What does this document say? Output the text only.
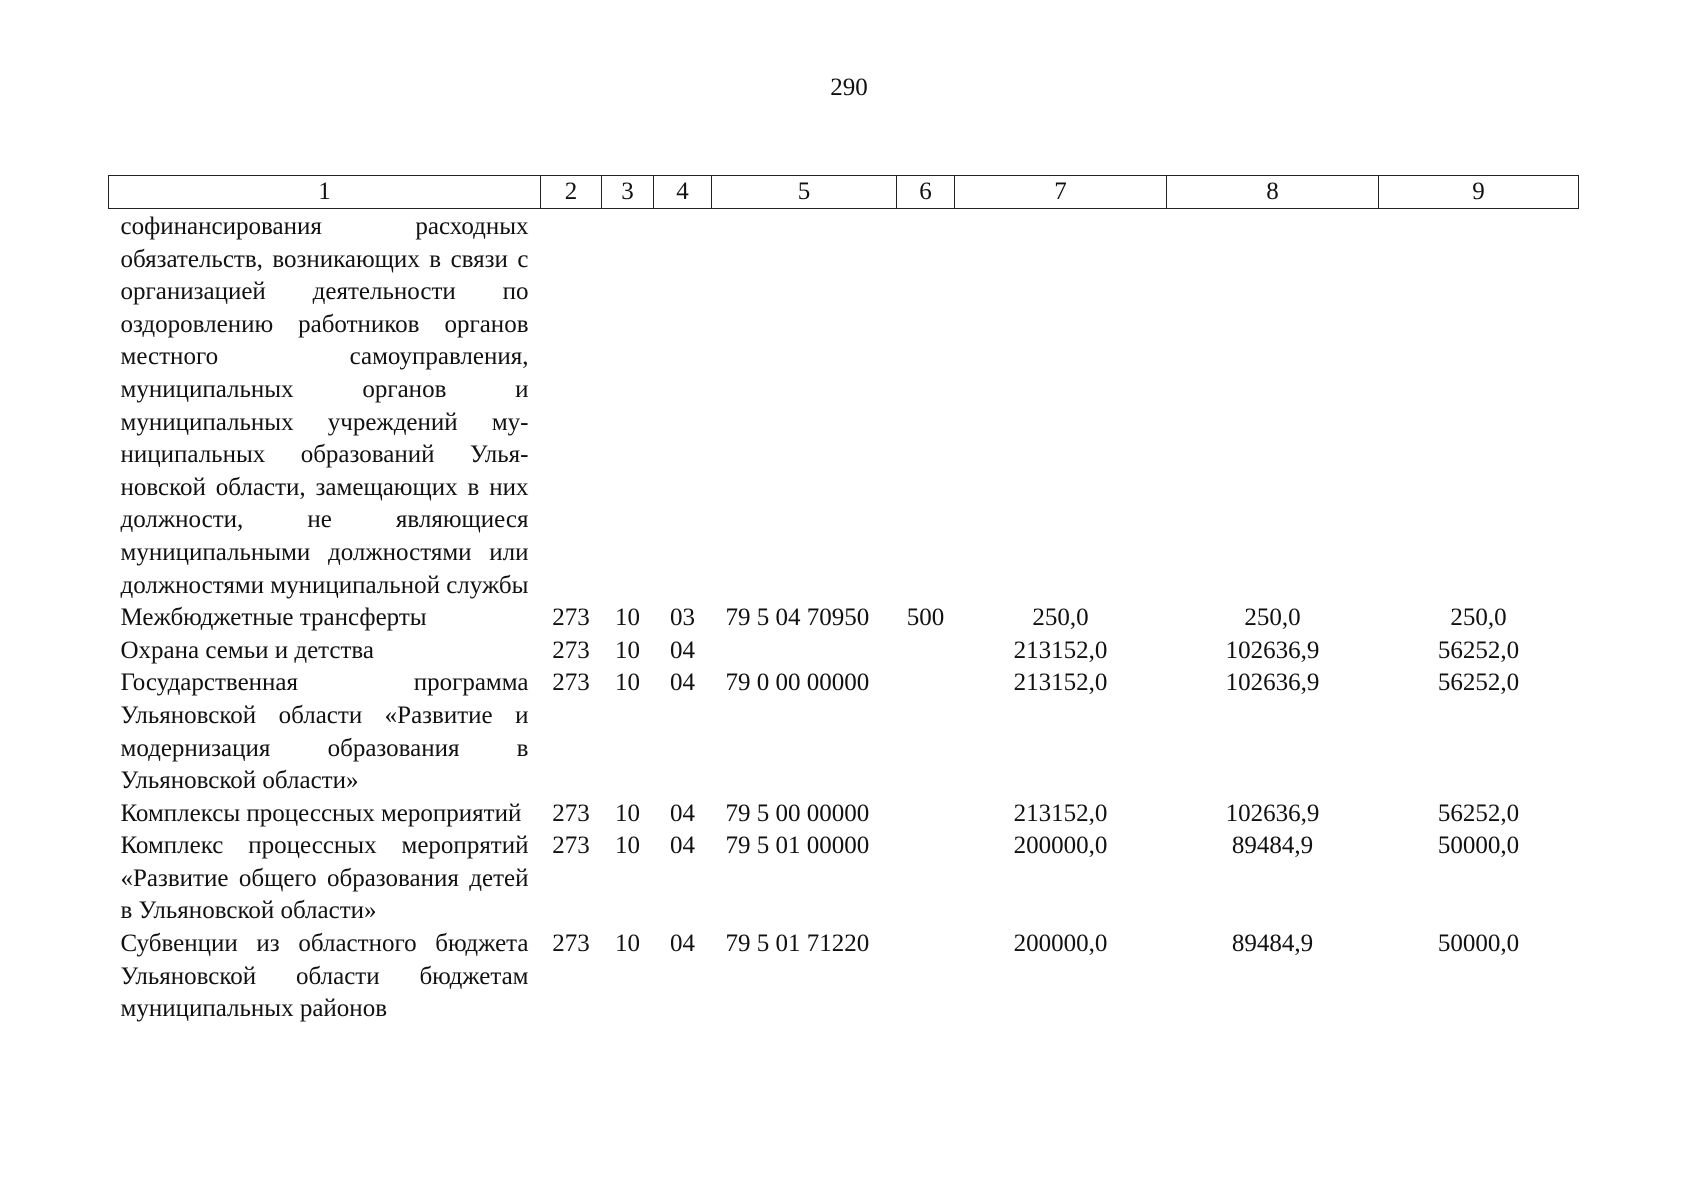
290
1	2	3	4	5	6	7	8	9
софинансирования расходных обязательств, возникающих в связи с организацией деятельности по оздоровлению работников органов местного самоуправления, муниципальных органов и муниципальных учреждений муниципальных образований Ульяновской области, замещающих в них должности, не являющиеся муниципальными должностями или должностями муниципальной службы								
Межбюджетные трансферты	273	10	03	79 5 04 70950	500	250,0	250,0	250,0
Охрана семьи и детства	273	10	04			213152,0	102636,9	56252,0
Государственная программа Ульяновской области «Развитие и модернизация образования в Ульяновской области»	273	10	04	79 0 00 00000		213152,0	102636,9	56252,0
Комплексы процессных мероприятий	273	10	04	79 5 00 00000		213152,0	102636,9	56252,0
Комплекс процессных меропрятий «Развитие общего образования детей в Ульяновской области»	273	10	04	79 5 01 00000		200000,0	89484,9	50000,0
Субвенции из областного бюджета Ульяновской области бюджетам муниципальных районов	273	10	04	79 5 01 71220		200000,0	89484,9	50000,0
